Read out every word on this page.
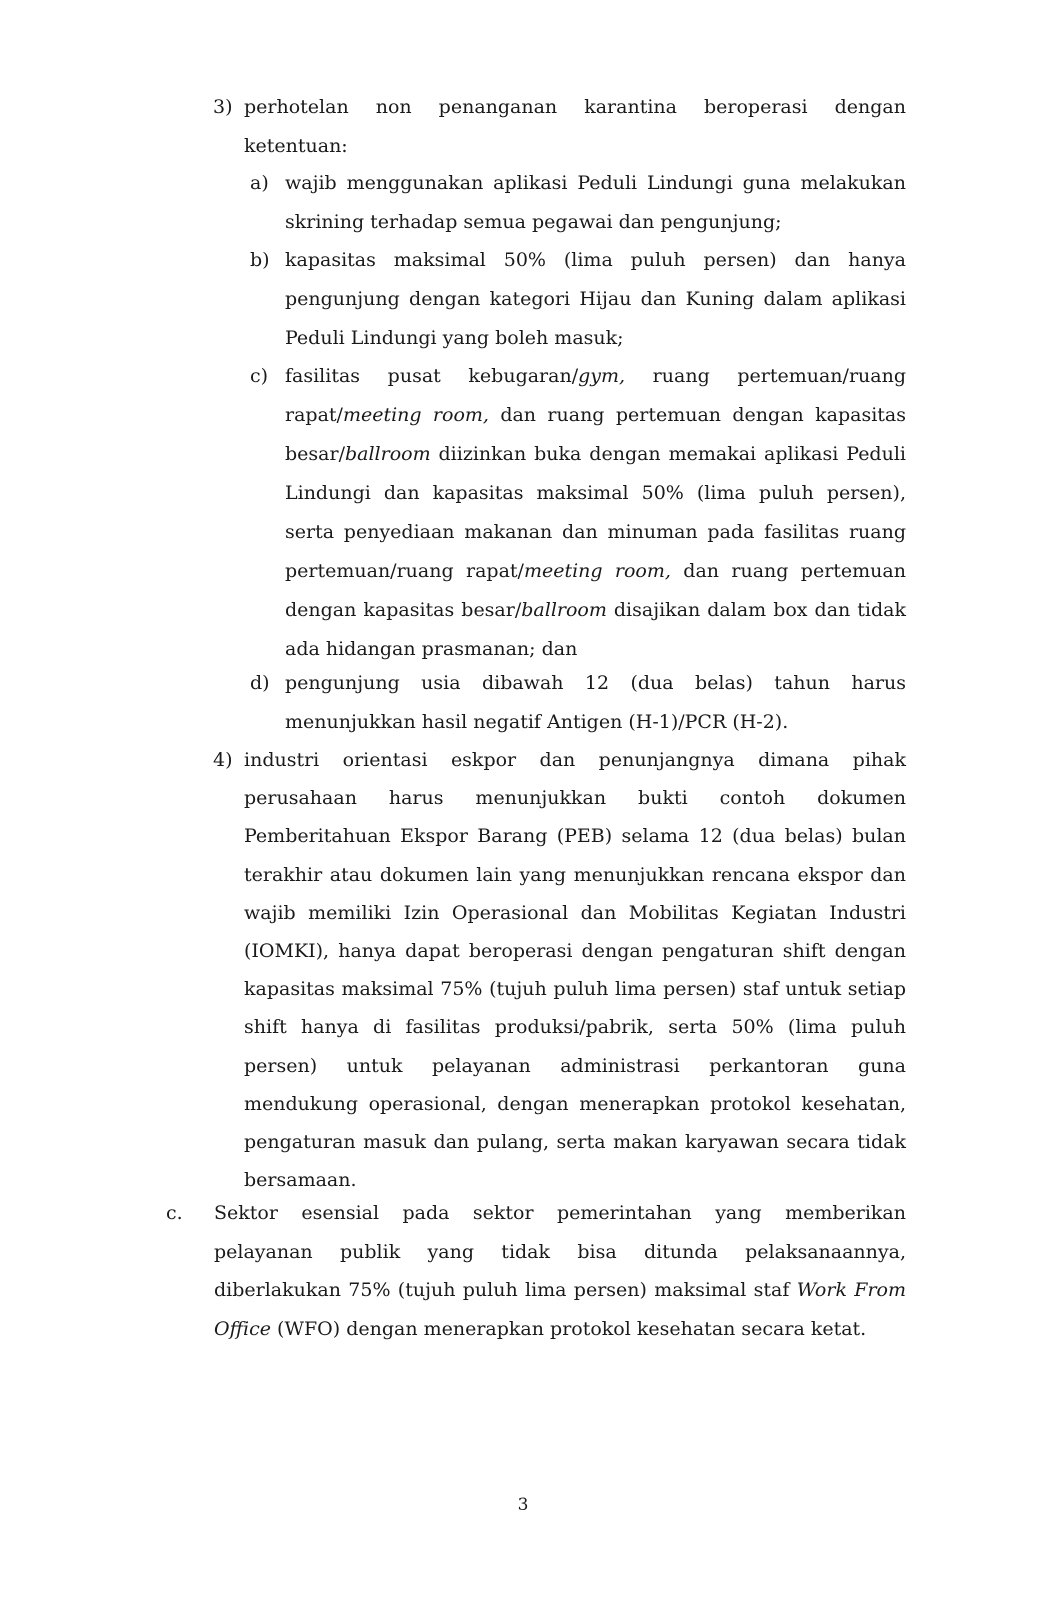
3) perhotelan non penanganan karantina beroperasi dengan ketentuan:
a) wajib menggunakan aplikasi Peduli Lindungi guna melakukan skrining terhadap semua pegawai dan pengunjung;
b) kapasitas maksimal 50% (lima puluh persen) dan hanya pengunjung dengan kategori Hijau dan Kuning dalam aplikasi Peduli Lindungi yang boleh masuk;
c) fasilitas pusat kebugaran/gym, ruang pertemuan/ruang rapat/meeting room, dan ruang pertemuan dengan kapasitas besar/ballroom diizinkan buka dengan memakai aplikasi Peduli Lindungi dan kapasitas maksimal 50% (lima puluh persen), serta penyediaan makanan dan minuman pada fasilitas ruang pertemuan/ruang rapat/meeting room, dan ruang pertemuan dengan kapasitas besar/ballroom disajikan dalam box dan tidak ada hidangan prasmanan; dan
d) pengunjung usia dibawah 12 (dua belas) tahun harus menunjukkan hasil negatif Antigen (H-1)/PCR (H-2).
4) industri orientasi eskpor dan penunjangnya dimana pihak perusahaan harus menunjukkan bukti contoh dokumen Pemberitahuan Ekspor Barang (PEB) selama 12 (dua belas) bulan terakhir atau dokumen lain yang menunjukkan rencana ekspor dan wajib memiliki Izin Operasional dan Mobilitas Kegiatan Industri (IOMKI), hanya dapat beroperasi dengan pengaturan shift dengan kapasitas maksimal 75% (tujuh puluh lima persen) staf untuk setiap shift hanya di fasilitas produksi/pabrik, serta 50% (lima puluh persen) untuk pelayanan administrasi perkantoran guna mendukung operasional, dengan menerapkan protokol kesehatan, pengaturan masuk dan pulang, serta makan karyawan secara tidak bersamaan.
c. Sektor esensial pada sektor pemerintahan yang memberikan pelayanan publik yang tidak bisa ditunda pelaksanaannya, diberlakukan 75% (tujuh puluh lima persen) maksimal staf Work From Office (WFO) dengan menerapkan protokol kesehatan secara ketat.
3
